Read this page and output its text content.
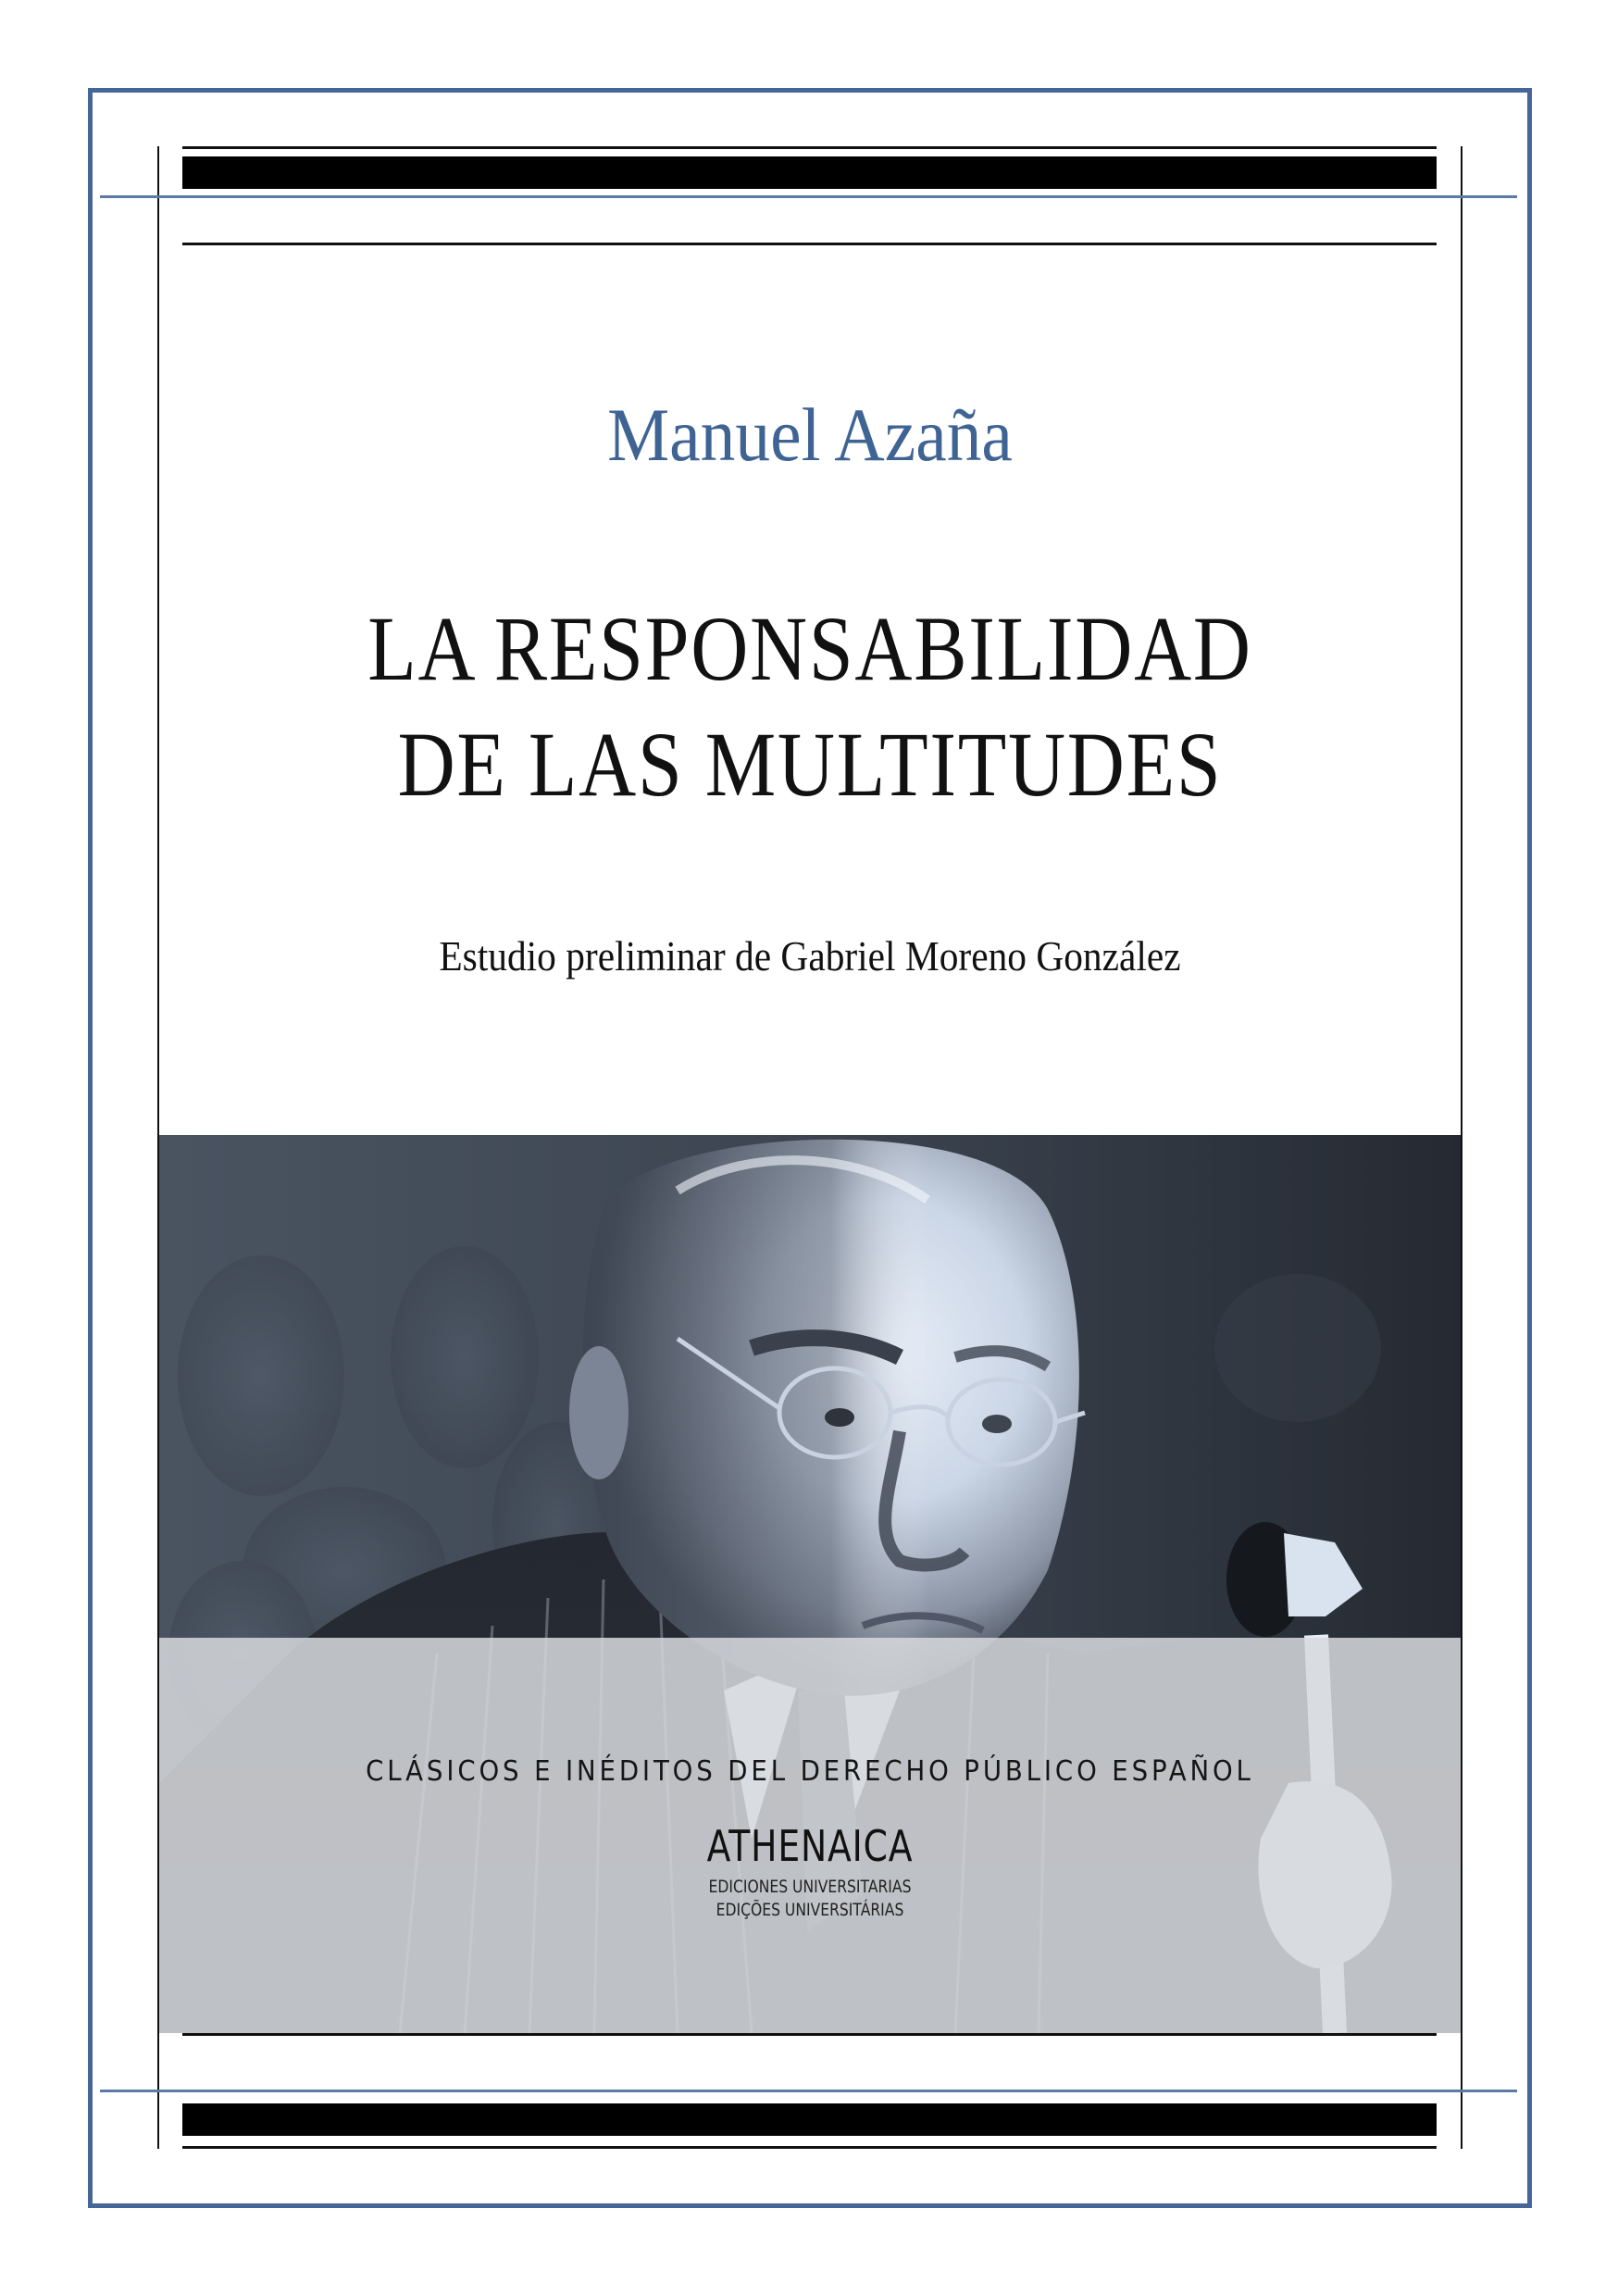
Manuel Azaña
LA RESPONSABILIDAD
DE LAS MULTITUDES
Estudio preliminar de Gabriel Moreno González
CLÁSICOS E INÉDITOS DEL DERECHO PÚBLICO ESPAÑOL
ATHENAICA
EDICIONES UNIVERSITARIAS
EDIÇÕES UNIVERSITÁRIAS
